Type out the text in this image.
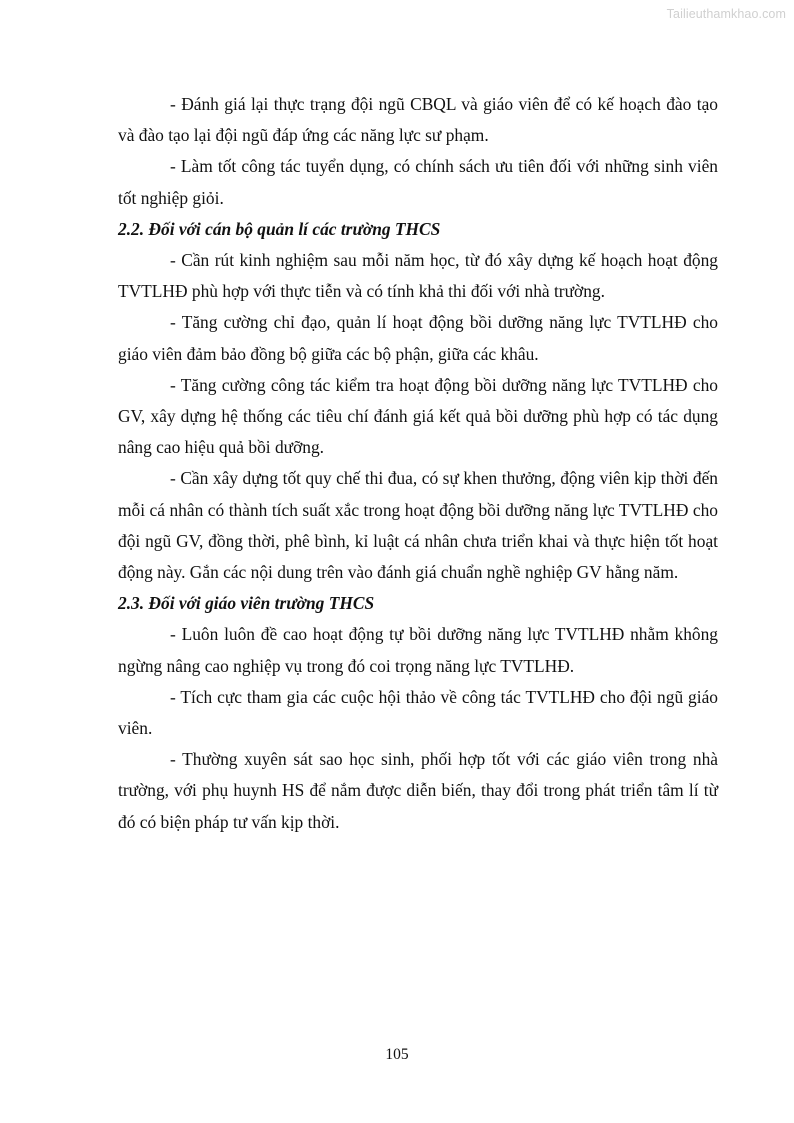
Tailieuthamkhao.com

- Đánh giá lại thực trạng đội ngũ CBQL và giáo viên để có kế hoạch đào tạo và đào tạo lại đội ngũ đáp ứng các năng lực sư phạm.

- Làm tốt công tác tuyển dụng, có chính sách ưu tiên đối với những sinh viên tốt nghiệp giỏi.

2.2. Đối với cán bộ quản lí các trường THCS

- Cần rút kinh nghiệm sau mỗi năm học, từ đó xây dựng kế hoạch hoạt động TVTLHĐ phù hợp với thực tiễn và có tính khả thi đối với nhà trường.

- Tăng cường chỉ đạo, quản lí hoạt động bồi dưỡng năng lực TVTLHĐ cho giáo viên đảm bảo đồng bộ giữa các bộ phận, giữa các khâu.

- Tăng cường công tác kiểm tra hoạt động bồi dưỡng năng lực TVTLHĐ cho GV, xây dựng hệ thống các tiêu chí đánh giá kết quả bồi dưỡng phù hợp có tác dụng nâng cao hiệu quả bồi dưỡng.

- Cần xây dựng tốt quy chế thi đua, có sự khen thưởng, động viên kịp thời đến mỗi cá nhân có thành tích suất xắc trong hoạt động bồi dưỡng năng lực TVTLHĐ cho đội ngũ GV, đồng thời, phê bình, kỉ luật cá nhân chưa triển khai và thực hiện tốt hoạt động này. Gắn các nội dung trên vào đánh giá chuẩn nghề nghiệp GV hằng năm.

2.3. Đối với giáo viên trường THCS

- Luôn luôn đề cao hoạt động tự bồi dưỡng năng lực TVTLHĐ nhằm không ngừng nâng cao nghiệp vụ trong đó coi trọng năng lực TVTLHĐ.

- Tích cực tham gia các cuộc hội thảo về công tác TVTLHĐ cho đội ngũ giáo viên.

- Thường xuyên sát sao học sinh, phối hợp tốt với các giáo viên trong nhà trường, với phụ huynh HS để nắm được diễn biến, thay đổi trong phát triển tâm lí từ đó có biện pháp tư vấn kịp thời.

105
